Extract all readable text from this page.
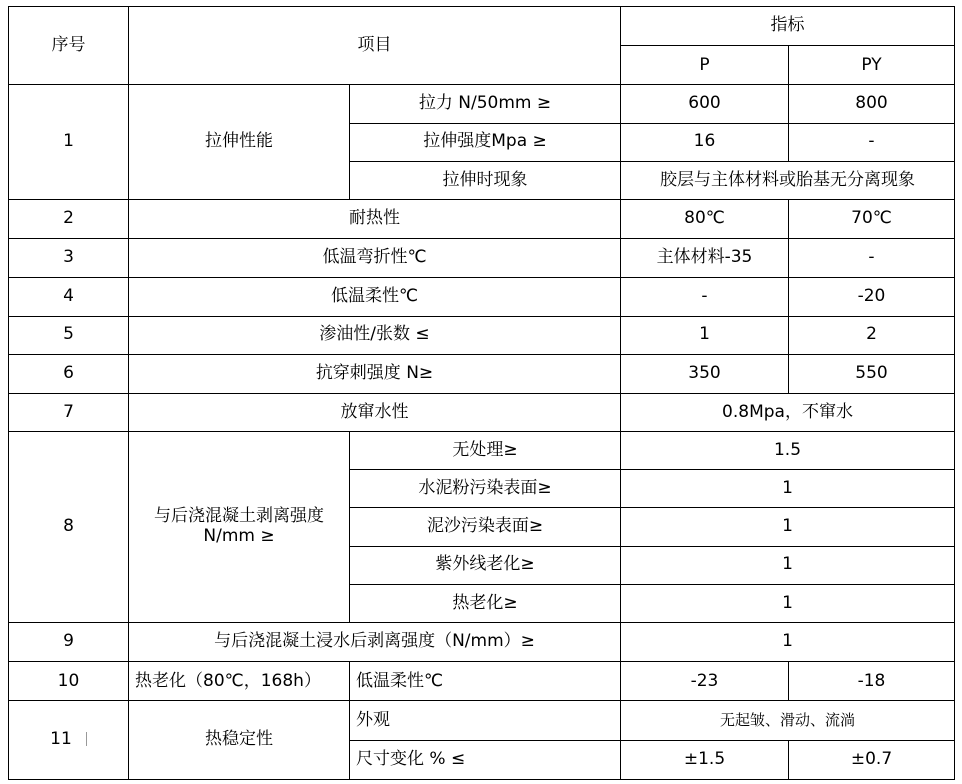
序号	项目		指标	
			P	PY
1	拉伸性能	拉力 N/50mm ≥	600	800
		拉伸强度Mpa ≥	16	-
		拉伸时现象	胶层与主体材料或胎基无分离现象	
2	耐热性		80℃	70℃
3	低温弯折性℃		主体材料-35	-
4	低温柔性℃		-	-20
5	渗油性/张数 ≤		1	2
6	抗穿刺强度 N≥		350	550
7	放窜水性		0.8Mpa，不窜水	
8	与后浇混凝土剥离强度N/mm ≥	无处理≥	1.5	
		水泥粉污染表面≥	1	
		泥沙污染表面≥	1	
		紫外线老化≥	1	
		热老化≥	1	
9	与后浇混凝土浸水后剥离强度（N/mm）≥		1	
10	热老化（80℃，168h）	低温柔性℃	-23	-18
11	热稳定性	外观	无起皱、滑动、流淌	
		尺寸变化 % ≤	±1.5	±0.7
